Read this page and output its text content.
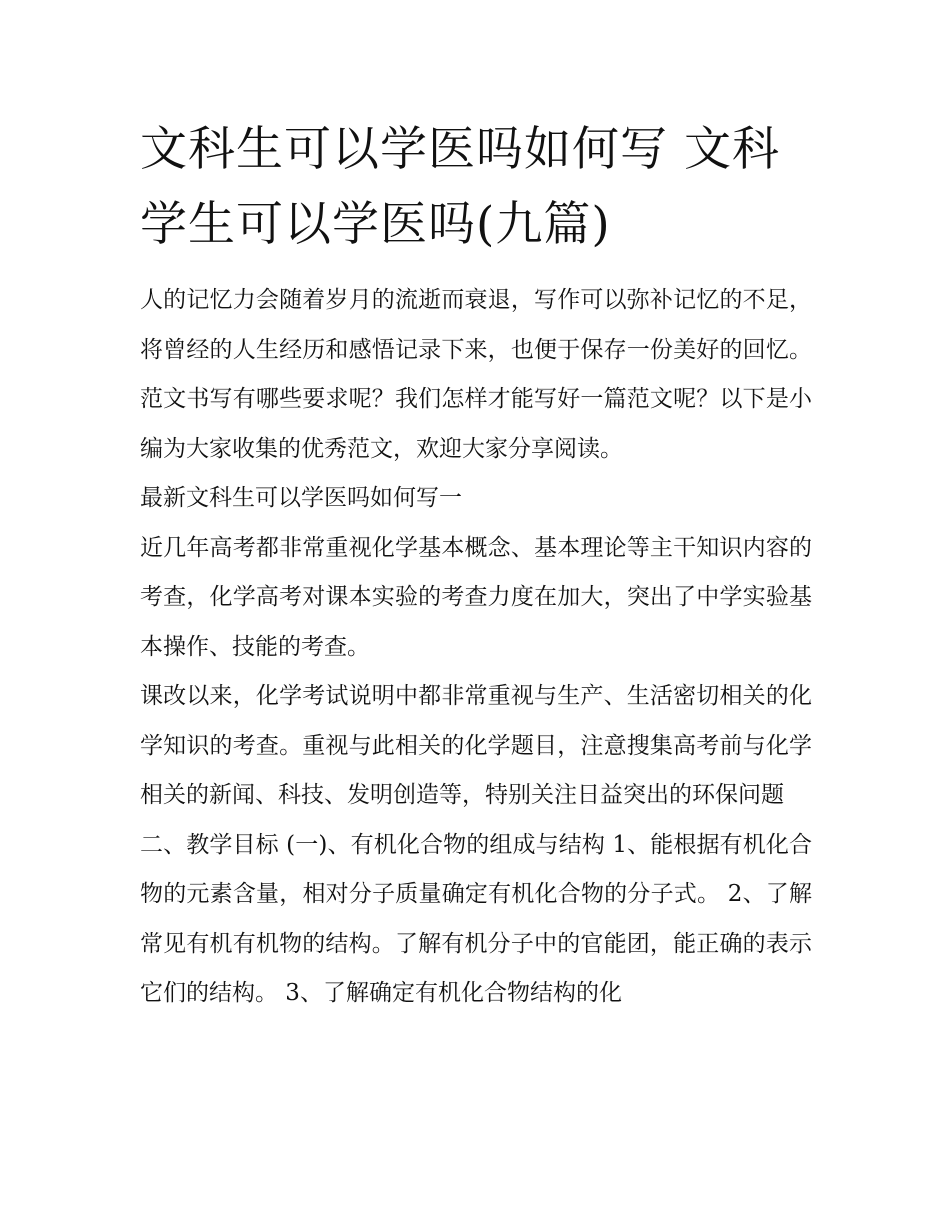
文科生可以学医吗如何写 文科学生可以学医吗(九篇)

人的记忆力会随着岁月的流逝而衰退，写作可以弥补记忆的不足，将曾经的人生经历和感悟记录下来，也便于保存一份美好的回忆。范文书写有哪些要求呢？我们怎样才能写好一篇范文呢？以下是小编为大家收集的优秀范文，欢迎大家分享阅读。

最新文科生可以学医吗如何写一

近几年高考都非常重视化学基本概念、基本理论等主干知识内容的考查，化学高考对课本实验的考查力度在加大，突出了中学实验基本操作、技能的考查。

课改以来，化学考试说明中都非常重视与生产、生活密切相关的化学知识的考查。重视与此相关的化学题目，注意搜集高考前与化学相关的新闻、科技、发明创造等，特别关注日益突出的环保问题

二、教学目标 (一)、有机化合物的组成与结构 1、能根据有机化合物的元素含量，相对分子质量确定有机化合物的分子式。 2、了解常见有机有机物的结构。了解有机分子中的官能团，能正确的表示它们的结构。 3、了解确定有机化合物结构的化
